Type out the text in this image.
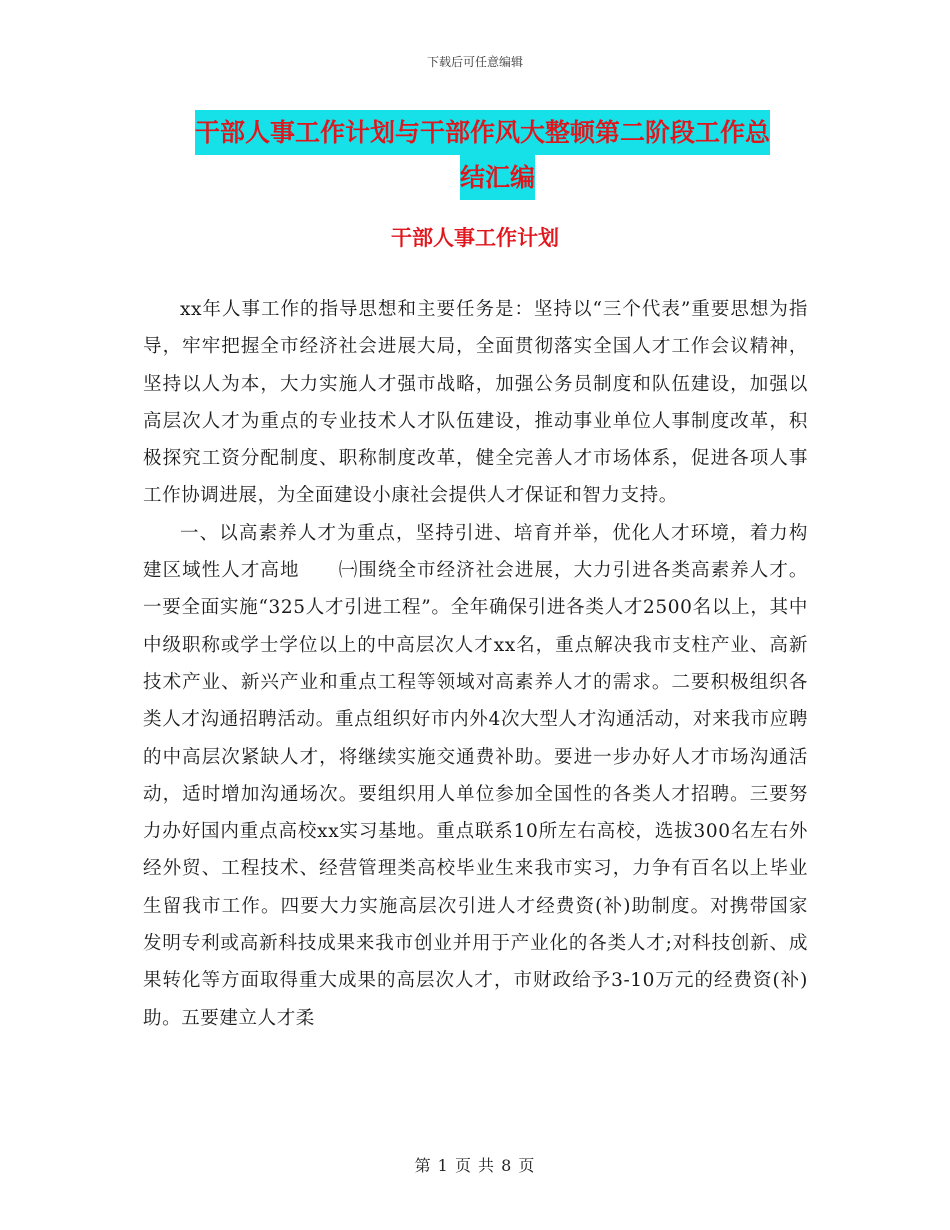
下载后可任意编辑
干部人事工作计划与干部作风大整顿第二阶段工作总
结汇编
干部人事工作计划

xx年人事工作的指导思想和主要任务是：坚持以“三个代表”重要思想为指导，牢牢把握全市经济社会进展大局，全面贯彻落实全国人才工作会议精神，坚持以人为本，大力实施人才强市战略，加强公务员制度和队伍建设，加强以高层次人才为重点的专业技术人才队伍建设，推动事业单位人事制度改革，积极探究工资分配制度、职称制度改革，健全完善人才市场体系，促进各项人事工作协调进展，为全面建设小康社会提供人才保证和智力支持。

一、以高素养人才为重点，坚持引进、培育并举，优化人才环境，着力构建区域性人才高地　　㈠围绕全市经济社会进展，大力引进各类高素养人才。一要全面实施“325人才引进工程”。全年确保引进各类人才2500名以上，其中中级职称或学士学位以上的中高层次人才xx名，重点解决我市支柱产业、高新技术产业、新兴产业和重点工程等领域对高素养人才的需求。二要积极组织各类人才沟通招聘活动。重点组织好市内外4次大型人才沟通活动，对来我市应聘的中高层次紧缺人才，将继续实施交通费补助。要进一步办好人才市场沟通活动，适时增加沟通场次。要组织用人单位参加全国性的各类人才招聘。三要努力办好国内重点高校xx实习基地。重点联系10所左右高校，选拔300名左右外经外贸、工程技术、经营管理类高校毕业生来我市实习，力争有百名以上毕业生留我市工作。四要大力实施高层次引进人才经费资(补)助制度。对携带国家发明专利或高新科技成果来我市创业并用于产业化的各类人才;对科技创新、成果转化等方面取得重大成果的高层次人才，市财政给予3-10万元的经费资(补)助。五要建立人才柔

第 1 页 共 8 页
